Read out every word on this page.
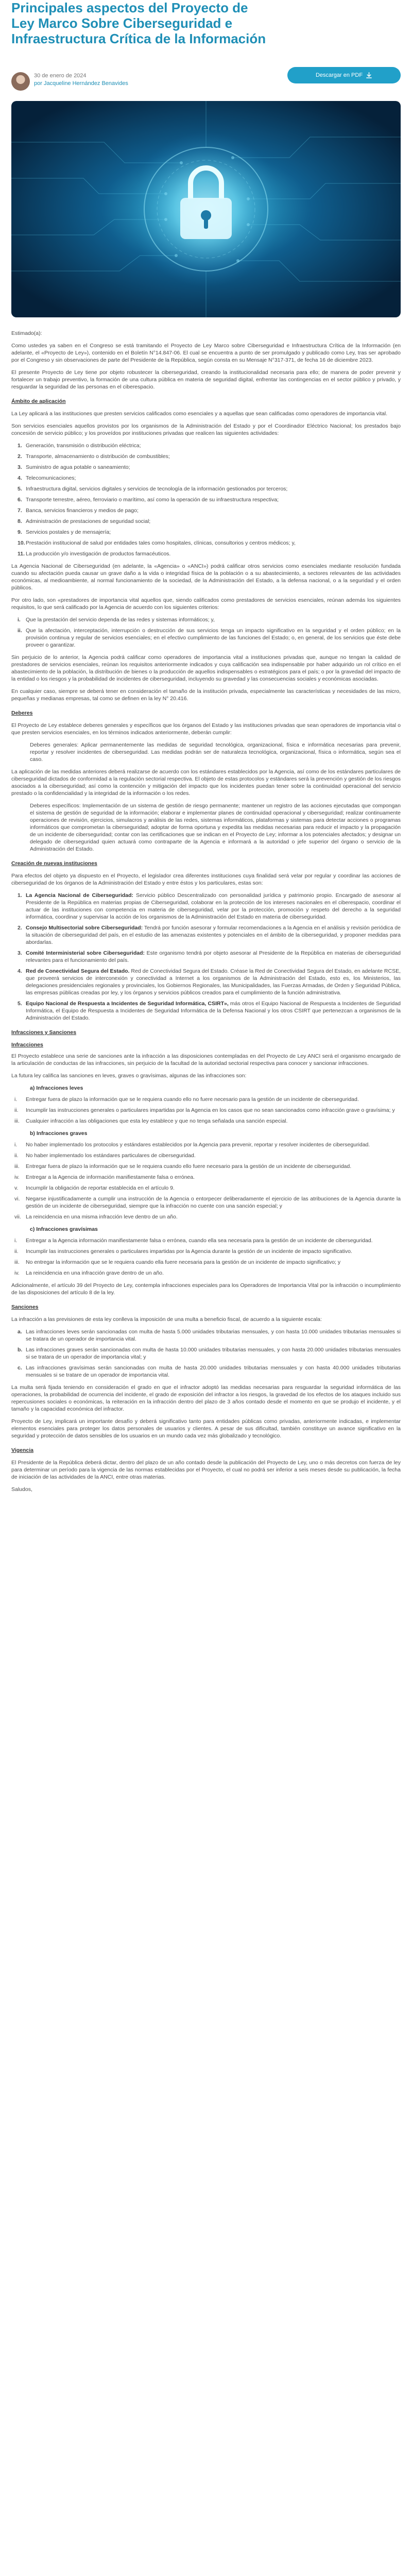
Principales aspectos del Proyecto de Ley Marco Sobre Ciberseguridad e Infraestructura Crítica de la Información
30 de enero de 2024
por Jacqueline Hernández Benavides
Descargar en PDF

Estimado(a):

Como ustedes ya saben en el Congreso se está tramitando el Proyecto de Ley Marco sobre Ciberseguridad e Infraestructura Crítica de la Información (en adelante, el «Proyecto de Ley»), contenido en el Boletín N°14.847-06. El cual se encuentra a punto de ser promulgado y publicado como Ley, tras ser aprobado por el Congreso y sin observaciones de parte del Presidente de la República, según consta en su Mensaje N°317-371, de fecha 16 de diciembre 2023.

El presente Proyecto de Ley tiene por objeto robustecer la ciberseguridad, creando la institucionalidad necesaria para ello; de manera de poder prevenir y fortalecer un trabajo preventivo, la formación de una cultura pública en materia de seguridad digital, enfrentar las contingencias en el sector público y privado, y resguardar la seguridad de las personas en el ciberespacio.

Ámbito de aplicación

La Ley aplicará a las instituciones que presten servicios calificados como esenciales y a aquellas que sean calificadas como operadores de importancia vital.

Son servicios esenciales aquellos provistos por los organismos de la Administración del Estado y por el Coordinador Eléctrico Nacional; los prestados bajo concesión de servicio público; y los proveídos por instituciones privadas que realicen las siguientes actividades:

1. Generación, transmisión o distribución eléctrica;
2. Transporte, almacenamiento o distribución de combustibles;
3. Suministro de agua potable o saneamiento;
4. Telecomunicaciones;
5. Infraestructura digital, servicios digitales y servicios de tecnología de la información gestionados por terceros;
6. Transporte terrestre, aéreo, ferroviario o marítimo, así como la operación de su infraestructura respectiva;
7. Banca, servicios financieros y medios de pago;
8. Administración de prestaciones de seguridad social;
9. Servicios postales y de mensajería;
10. Prestación institucional de salud por entidades tales como hospitales, clínicas, consultorios y centros médicos; y,
11. La producción y/o investigación de productos farmacéuticos.

La Agencia Nacional de Ciberseguridad (en adelante, la «Agencia» o «ANCI») podrá calificar otros servicios como esenciales mediante resolución fundada cuando su afectación pueda causar un grave daño a la vida o integridad física de la población o a su abastecimiento, a sectores relevantes de las actividades económicas, al medioambiente, al normal funcionamiento de la sociedad, de la Administración del Estado, a la defensa nacional, o a la seguridad y el orden públicos.

Por otro lado, son «prestadores de importancia vital aquellos que, siendo calificados como prestadores de servicios esenciales, reúnan además los siguientes requisitos, lo que será calificado por la Agencia de acuerdo con los siguientes criterios:

i. Que la prestación del servicio dependa de las redes y sistemas informáticos; y,
ii. Que la afectación, interceptación, interrupción o destrucción de sus servicios tenga un impacto significativo en la seguridad y el orden público; en la provisión continua y regular de servicios esenciales; en el efectivo cumplimiento de las funciones del Estado; o, en general, de los servicios que éste debe proveer o garantizar.

Sin perjuicio de lo anterior, la Agencia podrá calificar como operadores de importancia vital a instituciones privadas que, aunque no tengan la calidad de prestadores de servicios esenciales, reúnan los requisitos anteriormente indicados y cuya calificación sea indispensable por haber adquirido un rol crítico en el abastecimiento de la población, la distribución de bienes o la producción de aquellos indispensables o estratégicos para el país; o por la gravedad del impacto de la entidad o los riesgos y la probabilidad de incidentes de ciberseguridad, incluyendo su gravedad y las consecuencias sociales y económicas asociadas.

En cualquier caso, siempre se deberá tener en consideración el tamaño de la institución privada, especialmente las características y necesidades de las micro, pequeñas y medianas empresas, tal como se definen en la ley N° 20.416.

Deberes

El Proyecto de Ley establece deberes generales y específicos que los órganos del Estado y las instituciones privadas que sean operadores de importancia vital o que presten servicios esenciales, en los términos indicados anteriormente, deberán cumplir:

Deberes generales: Aplicar permanentemente las medidas de seguridad tecnológica, organizacional, física e informática necesarias para prevenir, reportar y resolver incidentes de ciberseguridad. Las medidas podrán ser de naturaleza tecnológica, organizacional, física o informática, según sea el caso.

La aplicación de las medidas anteriores deberá realizarse de acuerdo con los estándares establecidos por la Agencia, así como de los estándares particulares de ciberseguridad dictados de conformidad a la regulación sectorial respectiva. El objeto de estas protocolos y estándares será la prevención y gestión de los riesgos asociados a la ciberseguridad; así como la contención y mitigación del impacto que los incidentes puedan tener sobre la continuidad operacional del servicio prestado o la confidencialidad y la integridad de la información o los redes.

Deberes específicos: Implementación de un sistema de gestión de riesgo permanente; mantener un registro de las acciones ejecutadas que compongan el sistema de gestión de seguridad de la información; elaborar e implementar planes de continuidad operacional y ciberseguridad; realizar continuamente operaciones de revisión, ejercicios, simulacros y análisis de las redes, sistemas informáticos, plataformas y sistemas para detectar acciones o programas informáticos que comprometan la ciberseguridad; adoptar de forma oportuna y expedita las medidas necesarias para reducir el impacto y la propagación de un incidente de ciberseguridad; contar con las certificaciones que se indican en el Proyecto de Ley; informar a los potenciales afectados; y designar un delegado de ciberseguridad quien actuará como contraparte de la Agencia e informará a la autoridad o jefe superior del órgano o servicio de la Administración del Estado.

Creación de nuevas instituciones

Para efectos del objeto ya dispuesto en el Proyecto, el legislador crea diferentes instituciones cuya finalidad será velar por regular y coordinar las acciones de ciberseguridad de los órganos de la Administración del Estado y entre éstos y los particulares, estas son:

1. La Agencia Nacional de Ciberseguridad: Servicio público Descentralizado con personalidad jurídica y patrimonio propio. Encargado de asesorar al Presidente de la República en materias propias de Ciberseguridad, colaborar en la protección de los intereses nacionales en el ciberespacio, coordinar el actuar de las instituciones con competencia en materia de ciberseguridad, velar por la protección, promoción y respeto del derecho a la seguridad informática, coordinar y supervisar la acción de los organismos de la Administración del Estado en materia de ciberseguridad.
2. Consejo Multisectorial sobre Ciberseguridad: Tendrá por función asesorar y formular recomendaciones a la Agencia en el análisis y revisión periódica de la situación de ciberseguridad del país, en el estudio de las amenazas existentes y potenciales en el ámbito de la ciberseguridad, y proponer medidas para abordarlas.
3. Comité Interministerial sobre Ciberseguridad: Este organismo tendrá por objeto asesorar al Presidente de la República en materias de ciberseguridad relevantes para el funcionamiento del país.
4. Red de Conectividad Segura del Estado. Red de Conectividad Segura del Estado. Créase la Red de Conectividad Segura del Estado, en adelante RCSE, que proveerá servicios de interconexión y conectividad a Internet a los organismos de la Administración del Estado, esto es, los Ministerios, las delegaciones presidenciales regionales y provinciales, los Gobiernos Regionales, las Municipalidades, las Fuerzas Armadas, de Orden y Seguridad Pública, las empresas públicas creadas por ley, y los órganos y servicios públicos creados para el cumplimiento de la función administrativa.
5. Equipo Nacional de Respuesta a Incidentes de Seguridad Informática, CSIRT», más otros el Equipo Nacional de Respuesta a Incidentes de Seguridad Informática, el Equipo de Respuesta a Incidentes de Seguridad Informática de la Defensa Nacional y los otros CSIRT que pertenezcan a organismos de la Administración del Estado.
Infracciones y Sanciones
Infracciones

El Proyecto establece una serie de sanciones ante la infracción a las disposiciones contempladas en del Proyecto de Ley ANCI será el organismo encargado de la articulación de conductas de las infracciones, sin perjuicio de la facultad de la autoridad sectorial respectiva para conocer y sancionar infracciones.

La futura ley califica las sanciones en leves, graves o gravísimas, algunas de las infracciones son:

a) Infracciones leves
i. Entregar fuera de plazo la información que se le requiera cuando ello no fuere necesario para la gestión de un incidente de ciberseguridad.
ii. Incumplir las instrucciones generales o particulares impartidas por la Agencia en los casos que no sean sancionados como infracción grave o gravísima; y
iii. Cualquier infracción a las obligaciones que esta ley establece y que no tenga señalada una sanción especial.
b) Infracciones graves
i. No haber implementado los protocolos y estándares establecidos por la Agencia para prevenir, reportar y resolver incidentes de ciberseguridad.
ii. No haber implementado los estándares particulares de ciberseguridad.
iii. Entregar fuera de plazo la información que se le requiera cuando ello fuere necesario para la gestión de un incidente de ciberseguridad.
iv. Entregar a la Agencia de información manifiestamente falsa o errónea.
v. Incumplir la obligación de reportar establecida en el artículo 9.
vi. Negarse injustificadamente a cumplir una instrucción de la Agencia o entorpecer deliberadamente el ejercicio de las atribuciones de la Agencia durante la gestión de un incidente de ciberseguridad, siempre que la infracción no cuente con una sanción especial; y
vii. La reincidencia en una misma infracción leve dentro de un año.
c) Infracciones gravísimas
i. Entregar a la Agencia información manifiestamente falsa o errónea, cuando ella sea necesaria para la gestión de un incidente de ciberseguridad.
ii. Incumplir las instrucciones generales o particulares impartidas por la Agencia durante la gestión de un incidente de impacto significativo.
iii. No entregar la información que se le requiera cuando ella fuere necesaria para la gestión de un incidente de impacto significativo; y
iv. La reincidencia en una infracción grave dentro de un año.

Adicionalmente, el artículo 39 del Proyecto de Ley, contempla infracciones especiales para los Operadores de Importancia Vital por la infracción o incumplimiento de las disposiciones del artículo 8 de la ley.

Sanciones

La infracción a las previsiones de esta ley conlleva la imposición de una multa a beneficio fiscal, de acuerdo a la siguiente escala:

a. Las infracciones leves serán sancionadas con multa de hasta 5.000 unidades tributarias mensuales, y con hasta 10.000 unidades tributarias mensuales si se tratara de un operador de importancia vital.
b. Las infracciones graves serán sancionadas con multa de hasta 10.000 unidades tributarias mensuales, y con hasta 20.000 unidades tributarias mensuales si se tratara de un operador de importancia vital; y
c. Las infracciones gravísimas serán sancionadas con multa de hasta 20.000 unidades tributarias mensuales y con hasta 40.000 unidades tributarias mensuales si se tratare de un operador de importancia vital.

La multa será fijada teniendo en consideración el grado en que el infractor adoptó las medidas necesarias para resguardar la seguridad informática de las operaciones, la probabilidad de ocurrencia del incidente, el grado de exposición del infractor a los riesgos, la gravedad de los efectos de los ataques incluido sus repercusiones sociales o económicas, la reiteración en la infracción dentro del plazo de 3 años contado desde el momento en que se produjo el incidente, y el tamaño y la capacidad económica del infractor.

Proyecto de Ley, implicará un importante desafío y deberá significativo tanto para entidades públicas como privadas, anteriormente indicadas, e implementar elementos esenciales para proteger los datos personales de usuarios y clientes. A pesar de sus dificultad, también constituye un avance significativo en la seguridad y protección de datos sensibles de los usuarios en un mundo cada vez más globalizado y tecnológico.

Vigencia

El Presidente de la República deberá dictar, dentro del plazo de un año contado desde la publicación del Proyecto de Ley, uno o más decretos con fuerza de ley para determinar un período para la vigencia de las normas establecidas por el Proyecto, el cual no podrá ser inferior a seis meses desde su publicación, la fecha de iniciación de las actividades de la ANCI, entre otras materias.

Saludos,
